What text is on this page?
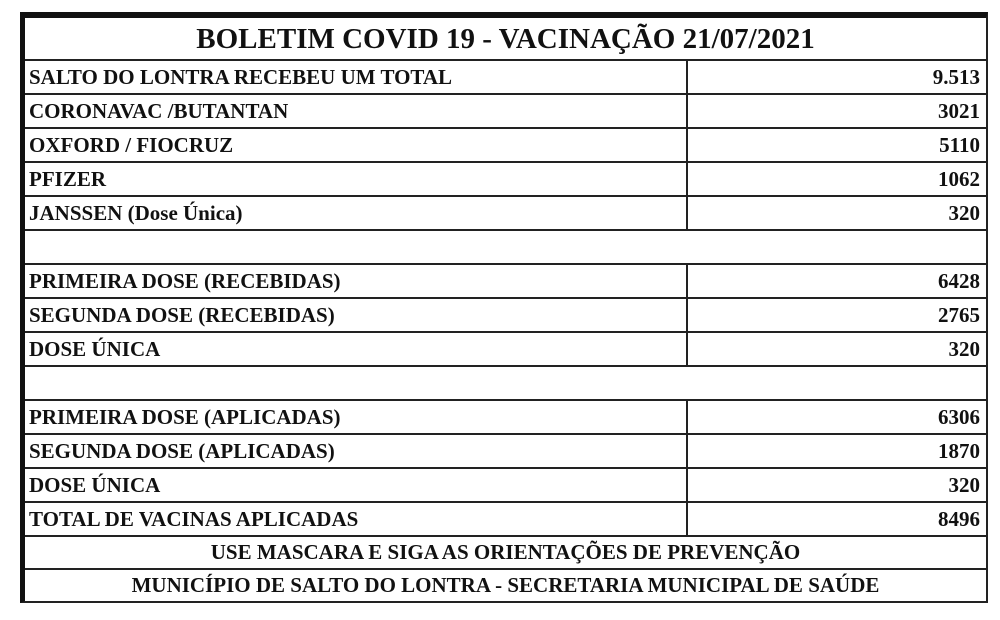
BOLETIM COVID 19 - VACINAÇÃO 21/07/2021
SALTO DO LONTRA RECEBEU UM TOTAL	9.513
CORONAVAC /BUTANTAN	3021
OXFORD / FIOCRUZ	5110
PFIZER	1062
JANSSEN (Dose Única)	320
PRIMEIRA DOSE (RECEBIDAS)	6428
SEGUNDA DOSE (RECEBIDAS)	2765
DOSE ÚNICA	320
PRIMEIRA DOSE (APLICADAS)	6306
SEGUNDA DOSE (APLICADAS)	1870
DOSE ÚNICA	320
TOTAL DE VACINAS APLICADAS	8496
USE MASCARA E SIGA AS ORIENTAÇÕES DE PREVENÇÃO
MUNICÍPIO DE SALTO DO LONTRA - SECRETARIA MUNICIPAL DE SAÚDE
